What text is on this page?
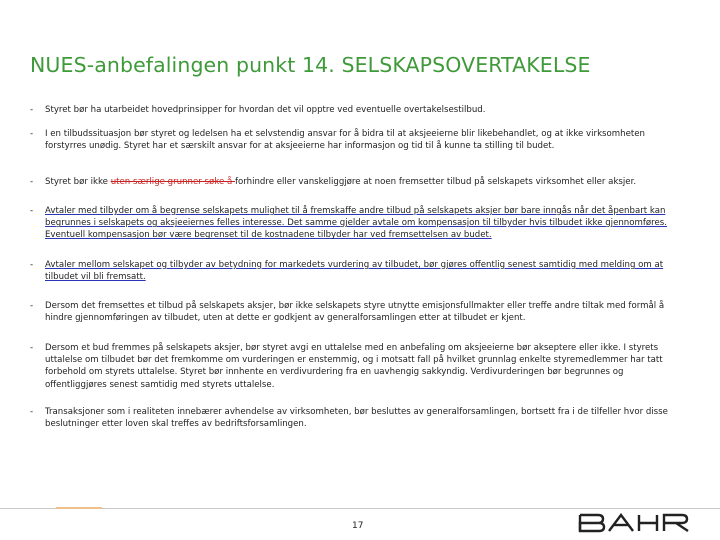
NUES-anbefalingen punkt 14. SELSKAPSOVERTAKELSE
- Styret bør ha utarbeidet hovedprinsipper for hvordan det vil opptre ved eventuelle overtakelsestilbud.
- I en tilbudssituasjon bør styret og ledelsen ha et selvstendig ansvar for å bidra til at aksjeeierne blir likebehandlet, og at ikke virksomheten forstyrres unødig. Styret har et særskilt ansvar for at aksjeeierne har informasjon og tid til å kunne ta stilling til budet.
- Styret bør ikke uten særlige grunner søke å forhindre eller vanskeliggjøre at noen fremsetter tilbud på selskapets virksomhet eller aksjer.
- Avtaler med tilbyder om å begrense selskapets mulighet til å fremskaffe andre tilbud på selskapets aksjer bør bare inngås når det åpenbart kan begrunnes i selskapets og aksjeeiernes felles interesse. Det samme gjelder avtale om kompensasjon til tilbyder hvis tilbudet ikke gjennomføres. Eventuell kompensasjon bør være begrenset til de kostnadene tilbyder har ved fremsettelsen av budet.
- Avtaler mellom selskapet og tilbyder av betydning for markedets vurdering av tilbudet, bør gjøres offentlig senest samtidig med melding om at tilbudet vil bli fremsatt.
- Dersom det fremsettes et tilbud på selskapets aksjer, bør ikke selskapets styre utnytte emisjonsfullmakter eller treffe andre tiltak med formål å hindre gjennomføringen av tilbudet, uten at dette er godkjent av generalforsamlingen etter at tilbudet er kjent.
- Dersom et bud fremmes på selskapets aksjer, bør styret avgi en uttalelse med en anbefaling om aksjeeierne bør akseptere eller ikke. I styrets uttalelse om tilbudet bør det fremkomme om vurderingen er enstemmig, og i motsatt fall på hvilket grunnlag enkelte styremedlemmer har tatt forbehold om styrets uttalelse. Styret bør innhente en verdivurdering fra en uavhengig sakkyndig. Verdivurderingen bør begrunnes og offentliggjøres senest samtidig med styrets uttalelse.
- Transaksjoner som i realiteten innebærer avhendelse av virksomheten, bør besluttes av generalforsamlingen, bortsett fra i de tilfeller hvor disse beslutninger etter loven skal treffes av bedriftsforsamlingen.
17
